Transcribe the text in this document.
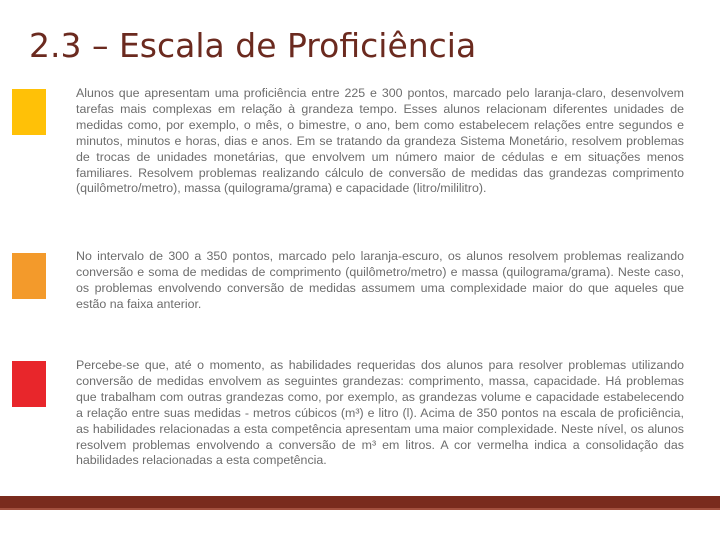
2.3 – Escala de Proficiência

Alunos que apresentam uma proficiência entre 225 e 300 pontos, marcado pelo laranja-claro, desenvolvem tarefas mais complexas em relação à grandeza tempo. Esses alunos relacionam diferentes unidades de medidas como, por exemplo, o mês, o bimestre, o ano, bem como estabelecem relações entre segundos e minutos, minutos e horas, dias e anos. Em se tratando da grandeza Sistema Monetário, resolvem problemas de trocas de unidades monetárias, que envolvem um número maior de cédulas e em situações menos familiares. Resolvem problemas realizando cálculo de conversão de medidas das grandezas comprimento (quilômetro/metro), massa (quilograma/grama) e capacidade (litro/mililitro).

No intervalo de 300 a 350 pontos, marcado pelo laranja-escuro, os alunos resolvem problemas realizando conversão e soma de medidas de comprimento (quilômetro/metro) e massa (quilograma/grama). Neste caso, os problemas envolvendo conversão de medidas assumem uma complexidade maior do que aqueles que estão na faixa anterior.

Percebe-se que, até o momento, as habilidades requeridas dos alunos para resolver problemas utilizando conversão de medidas envolvem as seguintes grandezas: comprimento, massa, capacidade. Há problemas que trabalham com outras grandezas como, por exemplo, as grandezas volume e capacidade estabelecendo a relação entre suas medidas - metros cúbicos (m³) e litro (l). Acima de 350 pontos na escala de proficiência, as habilidades relacionadas a esta competência apresentam uma maior complexidade. Neste nível, os alunos resolvem problemas envolvendo a conversão de m³ em litros. A cor vermelha indica a consolidação das habilidades relacionadas a esta competência.
